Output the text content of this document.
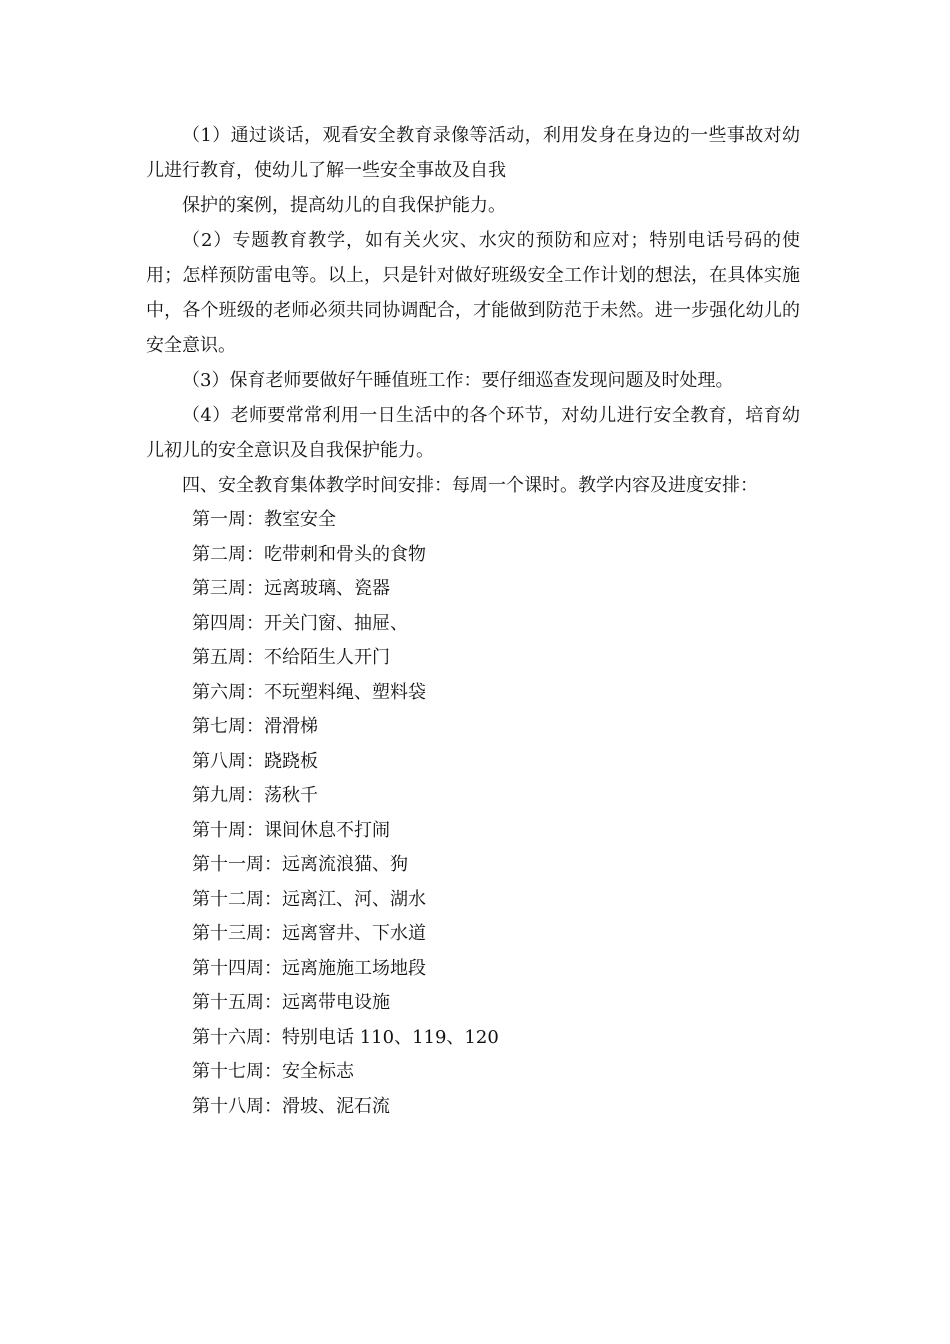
（1）通过谈话，观看安全教育录像等活动，利用发身在身边的一些事故对幼儿进行教育，使幼儿了解一些安全事故及自我

保护的案例，提高幼儿的自我保护能力。

（2）专题教育教学，如有关火灾、水灾的预防和应对；特别电话号码的使用；怎样预防雷电等。以上，只是针对做好班级安全工作计划的想法，在具体实施中，各个班级的老师必须共同协调配合，才能做到防范于未然。进一步强化幼儿的安全意识。

（3）保育老师要做好午睡值班工作：要仔细巡查发现问题及时处理。

（4）老师要常常利用一日生活中的各个环节，对幼儿进行安全教育，培育幼儿初儿的安全意识及自我保护能力。

四、安全教育集体教学时间安排：每周一个课时。教学内容及进度安排：

第一周：教室安全
第二周：吃带刺和骨头的食物
第三周：远离玻璃、瓷器
第四周：开关门窗、抽屉、
第五周：不给陌生人开门
第六周：不玩塑料绳、塑料袋
第七周：滑滑梯
第八周：跷跷板
第九周：荡秋千
第十周：课间休息不打闹
第十一周：远离流浪猫、狗
第十二周：远离江、河、湖水
第十三周：远离窨井、下水道
第十四周：远离施施工场地段
第十五周：远离带电设施
第十六周：特别电话 110、119、120
第十七周：安全标志
第十八周：滑坡、泥石流
